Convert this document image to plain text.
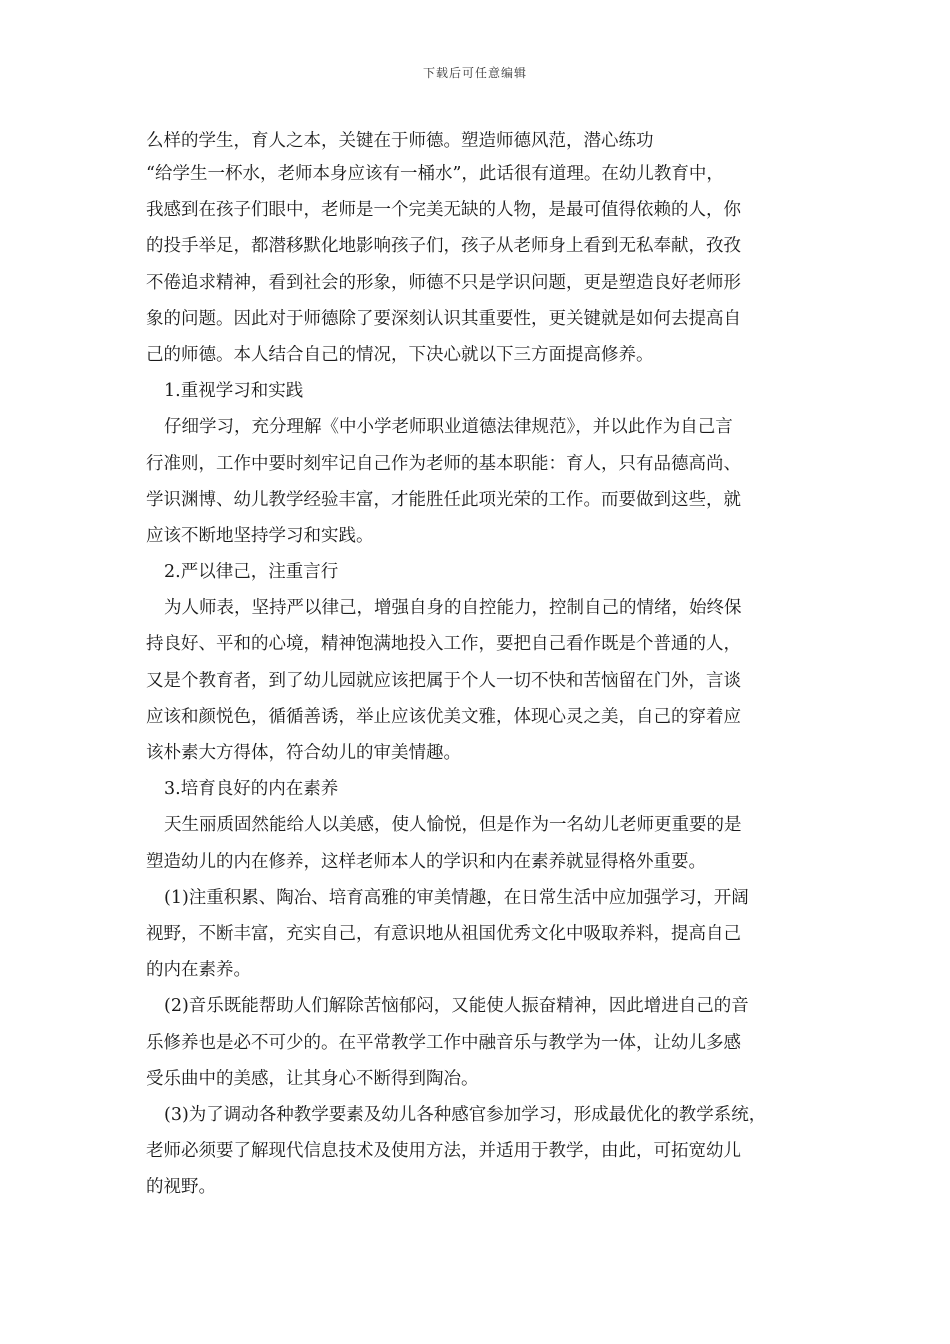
下载后可任意编辑
么样的学生，育人之本，关键在于师德。塑造师德风范，潜心练功
“给学生一杯水，老师本身应该有一桶水”，此话很有道理。在幼儿教育中，
我感到在孩子们眼中，老师是一个完美无缺的人物，是最可值得依赖的人，你
的投手举足，都潜移默化地影响孩子们，孩子从老师身上看到无私奉献，孜孜
不倦追求精神，看到社会的形象，师德不只是学识问题，更是塑造良好老师形
象的问题。因此对于师德除了要深刻认识其重要性，更关键就是如何去提高自
己的师德。本人结合自己的情况，下决心就以下三方面提高修养。
1.重视学习和实践
仔细学习，充分理解《中小学老师职业道德法律规范》，并以此作为自己言
行准则，工作中要时刻牢记自己作为老师的基本职能：育人，只有品德高尚、
学识渊博、幼儿教学经验丰富，才能胜任此项光荣的工作。而要做到这些，就
应该不断地坚持学习和实践。
2.严以律己，注重言行
为人师表，坚持严以律己，增强自身的自控能力，控制自己的情绪，始终保
持良好、平和的心境，精神饱满地投入工作，要把自己看作既是个普通的人，
又是个教育者，到了幼儿园就应该把属于个人一切不快和苦恼留在门外，言谈
应该和颜悦色，循循善诱，举止应该优美文雅，体现心灵之美，自己的穿着应
该朴素大方得体，符合幼儿的审美情趣。
3.培育良好的内在素养
天生丽质固然能给人以美感，使人愉悦，但是作为一名幼儿老师更重要的是
塑造幼儿的内在修养，这样老师本人的学识和内在素养就显得格外重要。
(1)注重积累、陶冶、培育高雅的审美情趣，在日常生活中应加强学习，开阔
视野，不断丰富，充实自己，有意识地从祖国优秀文化中吸取养料，提高自己
的内在素养。
(2)音乐既能帮助人们解除苦恼郁闷，又能使人振奋精神，因此增进自己的音
乐修养也是必不可少的。在平常教学工作中融音乐与教学为一体，让幼儿多感
受乐曲中的美感，让其身心不断得到陶冶。
(3)为了调动各种教学要素及幼儿各种感官参加学习，形成最优化的教学系统，
老师必须要了解现代信息技术及使用方法，并适用于教学，由此，可拓宽幼儿
的视野。
